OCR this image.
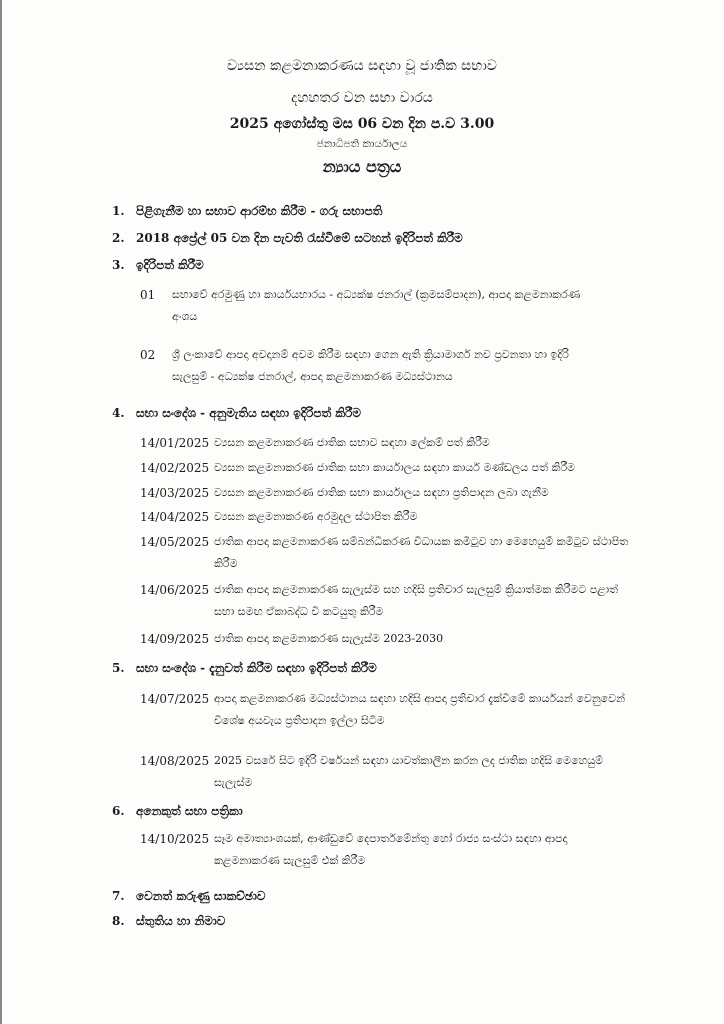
ව්‍යසන කළමනාකරණය සඳහා වූ ජාතික සභාව
දහහතර වන සභා වාරය
2025 අගෝස්තු මස 06 වන දින ප.ව 3.00
ජනාධිපති කාර්යාලය
න්‍යාය පත්‍රය
1. පිළිගැනීම හා සභාව ආරම්භ කිරීම - ගරු සභාපති
2. 2018 අප්‍රේල් 05 වන දින පැවති රැස්වීමේ සටහන් ඉදිරිපත් කිරීම
3. ඉදිරිපත් කිරීම
01 සභාවේ අරමුණු හා කාර්යයභාරය - අධ්‍යක්ෂ ජනරාල් (ක්‍රමසම්පාදන), ආපදා කළමනාකරණ අංශය
02 ශ්‍රී ලංකාවේ ආපදා අවදානම් අවම කිරීම සඳහා ගෙන ඇති ක්‍රියාමාර්ග නව ප්‍රවනතා හා ඉදිරි සැලසුම් - අධ්‍යක්ෂ ජනරාල්, ආපදා කළමනාකරණ මධ්‍යස්ථානය
4. සභා සංදේශ - අනුමැතිය සඳහා ඉදිරිපත් කිරීම
14/01/2025 ව්‍යසන කළමනාකරණ ජාතික සභාව සඳහා ලේකම් පත් කිරීම
14/02/2025 ව්‍යසන කළමනාකරණ ජාතික සභා කාර්යාලය සඳහා කාර්ය මණ්ඩලය පත් කිරීම
14/03/2025 ව්‍යසන කළමනාකරණ ජාතික සභා කාර්යාලය සඳහා ප්‍රතිපාදන ලබා ගැනීම
14/04/2025 ව්‍යසන කළමනාකරණ අරමුදල ස්ථාපිත කිරීම
14/05/2025 ජාතික ආපදා කළමනාකරණ සම්බන්ධීකරණ විධායක කමිටුව හා මෙහෙයුම් කමිටුව ස්ථාපිත කිරීම
14/06/2025 ජාතික ආපදා කළමනාකරණ සැලැස්ම සහ හදිසි ප්‍රතිචාර සැලසුම් ක්‍රියාත්මක කිරීමට පළාත් සභා සමඟ ඒකාබද්ධ වී කටයුතු කිරීම
14/09/2025 ජාතික ආපදා කළමනාකරණ සැලැස්ම 2023-2030
5. සභා සංදේශ - දැනුවත් කිරීම සඳහා ඉදිරිපත් කිරීම
14/07/2025 ආපදා කළමනාකරණ මධ්‍යස්ථානය සඳහා හදිසි ආපදා ප්‍රතිචාර දැක්වීමේ කාර්යයන් වෙනුවෙන් විශේෂ අයවැය ප්‍රතිපාදන ඉල්ලා සිටීම
14/08/2025 2025 වසරේ සිට ඉදිරි වර්ෂයන් සඳහා යාවත්කාලීන කරන ලද ජාතික හදිසි මෙහෙයුම් සැලැස්ම
6. අනෙකුත් සභා පත්‍රිකා
14/10/2025 සෑම අමාත්‍යාංශයක්, ආණ්ඩුවේ දෙපාර්තමේන්තු හෝ රාජ්‍ය සංස්ථා සඳහා ආපදා කළමනාකරණ සැලසුම් එක් කිරීම
7. වෙනත් කරුණු සාකච්ඡාව
8. ස්තුතිය හා නිමාව
